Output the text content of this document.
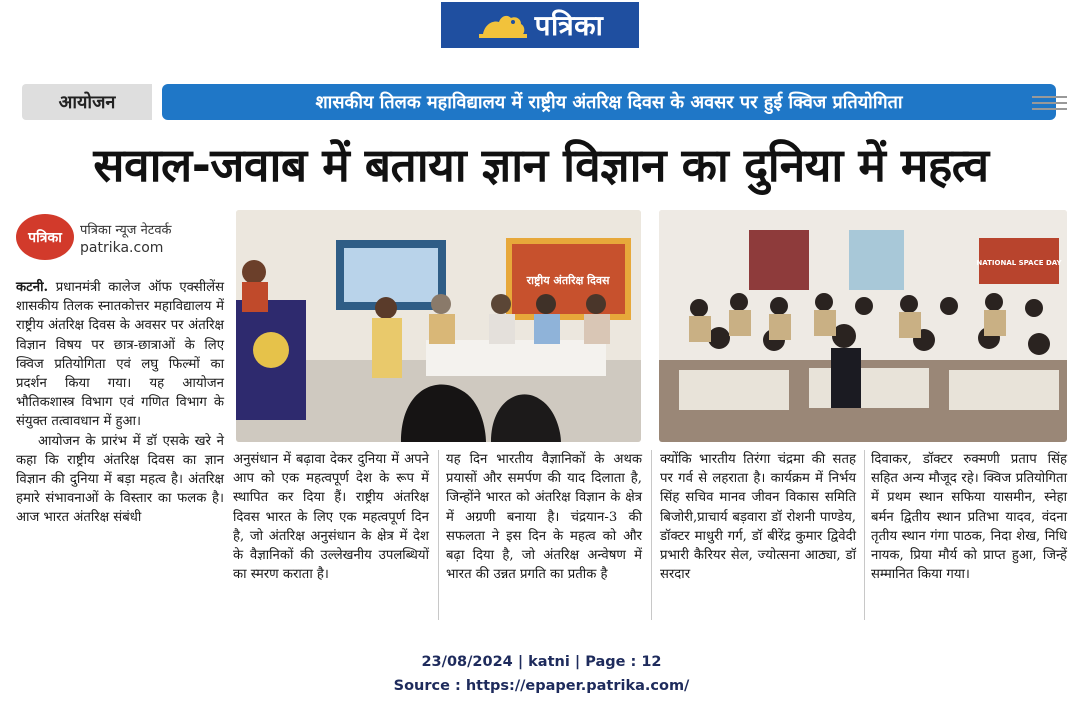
पत्रिका
आयोजन	शासकीय तिलक महाविद्यालय में राष्ट्रीय अंतरिक्ष दिवस के अवसर पर हुई क्विज प्रतियोगिता
सवाल-जवाब में बताया ज्ञान विज्ञान का दुनिया में महत्व
पत्रिका	पत्रिका न्यूज नेटवर्क
patrika.com
राष्ट्रीय अंतरिक्ष दिवस
NATIONAL SPACE DAY

कटनी. प्रधानमंत्री कालेज ऑफ एक्सीलेंस शासकीय तिलक स्नातकोत्तर महाविद्यालय में राष्ट्रीय अंतरिक्ष दिवस के अवसर पर अंतरिक्ष विज्ञान विषय पर छात्र-छात्राओं के लिए क्विज प्रतियोगिता एवं लघु फिल्मों का प्रदर्शन किया गया। यह आयोजन भौतिकशास्त्र विभाग एवं गणित विभाग के संयुक्त तत्वावधान में हुआ।

आयोजन के प्रारंभ में डॉ एसके खरे ने कहा कि राष्ट्रीय अंतरिक्ष दिवस का ज्ञान विज्ञान की दुनिया में बड़ा महत्व है। अंतरिक्ष हमारे संभावनाओं के विस्तार का फलक है। आज भारत अंतरिक्ष संबंधी

अनुसंधान में बढ़ावा देकर दुनिया में अपने आप को एक महत्वपूर्ण देश के रूप में स्थापित कर दिया हैं। राष्ट्रीय अंतरिक्ष दिवस भारत के लिए एक महत्वपूर्ण दिन है, जो अंतरिक्ष अनुसंधान के क्षेत्र में देश के वैज्ञानिकों की उल्लेखनीय उपलब्धियों का स्मरण कराता है।
यह दिन भारतीय वैज्ञानिकों के अथक प्रयासों और समर्पण की याद दिलाता है, जिन्होंने भारत को अंतरिक्ष विज्ञान के क्षेत्र में अग्रणी बनाया है। चंद्रयान-3 की सफलता ने इस दिन के महत्व को और बढ़ा दिया है, जो अंतरिक्ष अन्वेषण में भारत की उन्नत प्रगति का प्रतीक है
क्योंकि भारतीय तिरंगा चंद्रमा की सतह पर गर्व से लहराता है। कार्यक्रम में निर्भय सिंह सचिव मानव जीवन विकास समिति बिजोरी,प्राचार्य बड़वारा डॉ रोशनी पाण्डेय, डॉक्टर माधुरी गर्ग, डॉ बीरेंद्र कुमार द्विवेदी प्रभारी कैरियर सेल, ज्योत्सना आठ्या, डॉ सरदार
दिवाकर, डॉक्टर रुक्मणी प्रताप सिंह सहित अन्य मौजूद रहे। क्विज प्रतियोगिता में प्रथम स्थान सफिया यासमीन, स्नेहा बर्मन द्वितीय स्थान प्रतिभा यादव, वंदना तृतीय स्थान गंगा पाठक, निदा शेख, निधि नायक, प्रिया मौर्य को प्राप्त हुआ, जिन्हें सम्मानित किया गया।
23/08/2024 | katni | Page : 12
Source : https://epaper.patrika.com/
